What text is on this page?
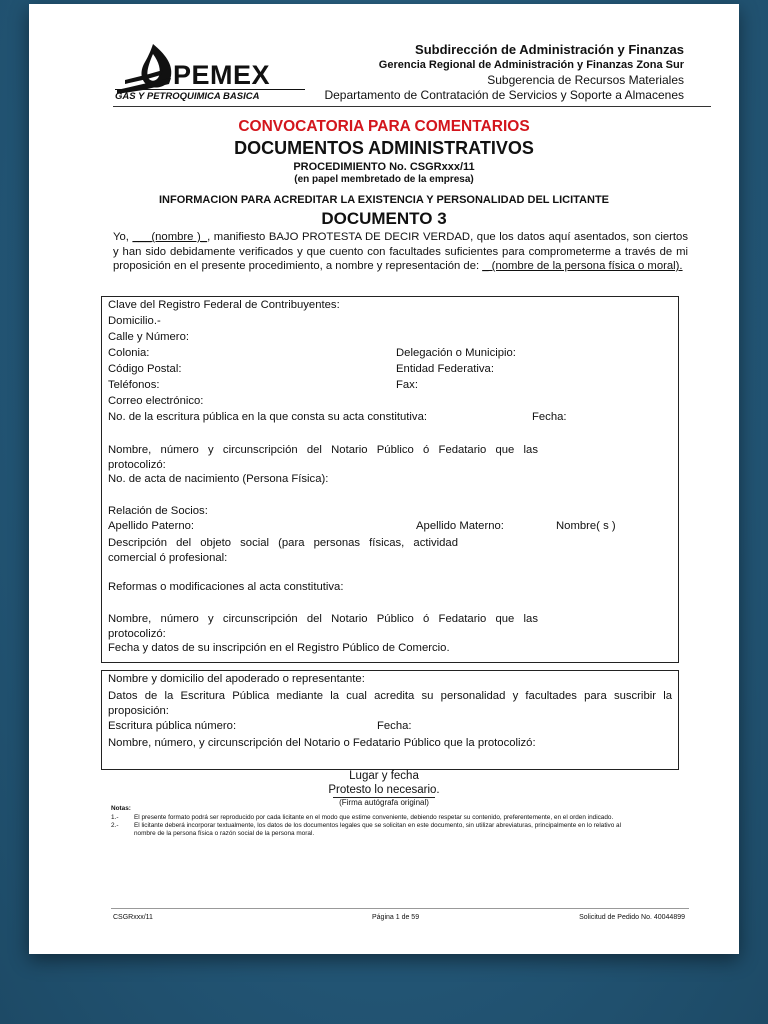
PEMEX
GAS Y PETROQUIMICA BASICA
Subdirección de Administración y Finanzas
Gerencia Regional de Administración y Finanzas Zona Sur
Subgerencia de Recursos Materiales
Departamento de Contratación de Servicios y Soporte a Almacenes
CONVOCATORIA PARA COMENTARIOS
DOCUMENTOS ADMINISTRATIVOS
PROCEDIMIENTO No. CSGRxxx/11
(en papel membretado de la empresa)
INFORMACION PARA ACREDITAR LA EXISTENCIA Y PERSONALIDAD DEL LICITANTE
DOCUMENTO 3
Yo, ___(nombre )_, manifiesto BAJO PROTESTA DE DECIR VERDAD, que los datos aquí asentados, son ciertos y han sido debidamente verificados y que cuento con facultades suficientes para comprometerme a través de mi proposición en el presente procedimiento, a nombre y representación de: _ (nombre de la persona física o moral).
Clave del Registro Federal de Contribuyentes:
Domicilio.-
Calle y Número:
Colonia:	Delegación o Municipio:
Código Postal:	Entidad Federativa:
Teléfonos:	Fax:
Correo electrónico:
No. de la escritura pública en la que consta su acta constitutiva:	Fecha:
Nombre, número y circunscripción del Notario Público ó Fedatario que las protocolizó:
No. de acta de nacimiento (Persona Física):
Relación de Socios:
Apellido Paterno:	Apellido Materno:	Nombre( s )
Descripción del objeto social (para personas físicas, actividad comercial ó profesional:
Reformas o modificaciones al acta constitutiva:
Nombre, número y circunscripción del Notario Público ó Fedatario que las protocolizó:
Fecha y datos de su inscripción en el Registro Público de Comercio.
Nombre y domicilio del apoderado o representante:
Datos de la Escritura Pública mediante la cual acredita su personalidad y facultades para suscribir la proposición:
Escritura pública número:	Fecha:
Nombre, número, y circunscripción del Notario o Fedatario Público que la protocolizó:
Lugar y fecha
Protesto lo necesario.
(Firma autógrafa original)
Notas:
1.- El presente formato podrá ser reproducido por cada licitante en el modo que estime conveniente, debiendo respetar su contenido, preferentemente, en el orden indicado.
2.- El licitante deberá incorporar textualmente, los datos de los documentos legales que se solicitan en este documento, sin utilizar abreviaturas, principalmente en lo relativo al
nombre de la persona física o razón social de la persona moral.
CSGRxxx/11	Página 1 de 59	Solicitud de Pedido No. 40044899
